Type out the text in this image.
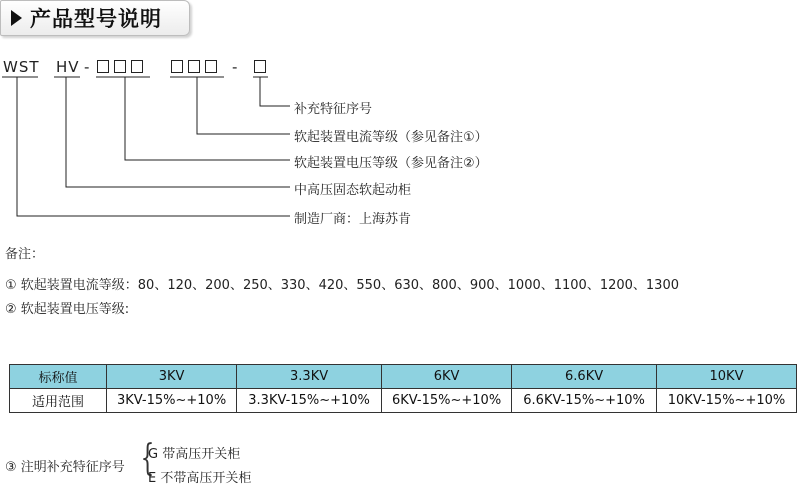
产品型号说明
WST HV -	-
补充特征序号
软起装置电流等级（参见备注①）
软起装置电压等级（参见备注②）
中高压固态软起动柜
制造厂商：上海苏肯
备注：
① 软起装置电流等级：80、120、200、250、330、420、550、630、800、900、1000、1100、1200、1300
② 软起装置电压等级:
标称值	3KV	3.3KV	6KV	6.6KV	10KV
适用范围	3KV-15%~+10%	3.3KV-15%~+10%	6KV-15%~+10%	6.6KV-15%~+10%	10KV-15%~+10%
③ 注明补充特征序号 {
G 带高压开关柜
E 不带高压开关柜
